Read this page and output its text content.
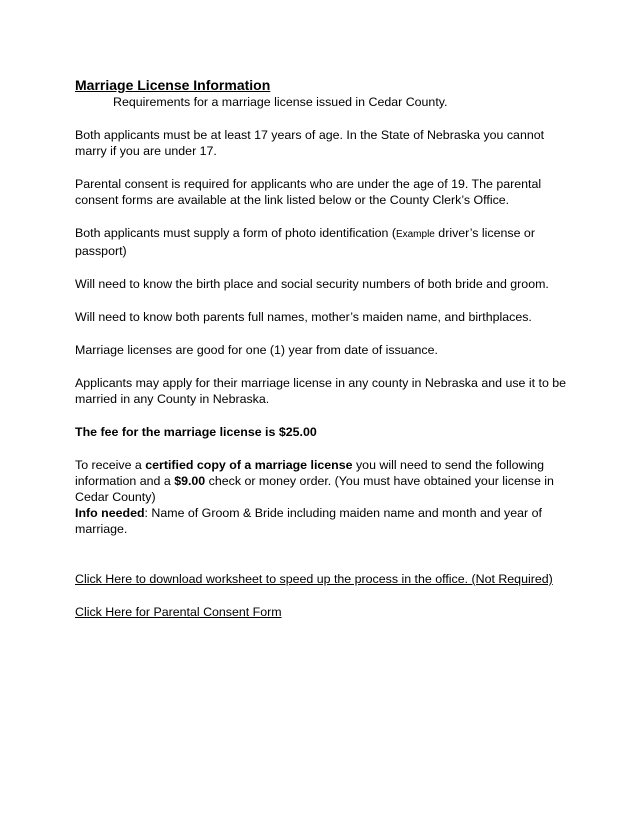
Marriage License Information

Requirements for a marriage license issued in Cedar County.

Both applicants must be at least 17 years of age. In the State of Nebraska you cannot marry if you are under 17.

Parental consent is required for applicants who are under the age of 19. The parental consent forms are available at the link listed below or the County Clerk’s Office.

Both applicants must supply a form of photo identification (Example driver’s license or passport)

Will need to know the birth place and social security numbers of both bride and groom.

Will need to know both parents full names, mother’s maiden name, and birthplaces.

Marriage licenses are good for one (1) year from date of issuance.

Applicants may apply for their marriage license in any county in Nebraska and use it to be married in any County in Nebraska.

The fee for the marriage license is $25.00

To receive a certified copy of a marriage license you will need to send the following information and a $9.00 check or money order. (You must have obtained your license in Cedar County)

Info needed: Name of Groom & Bride including maiden name and month and year of marriage.

Click Here to download worksheet to speed up the process in the office. (Not Required)

Click Here for Parental Consent Form
